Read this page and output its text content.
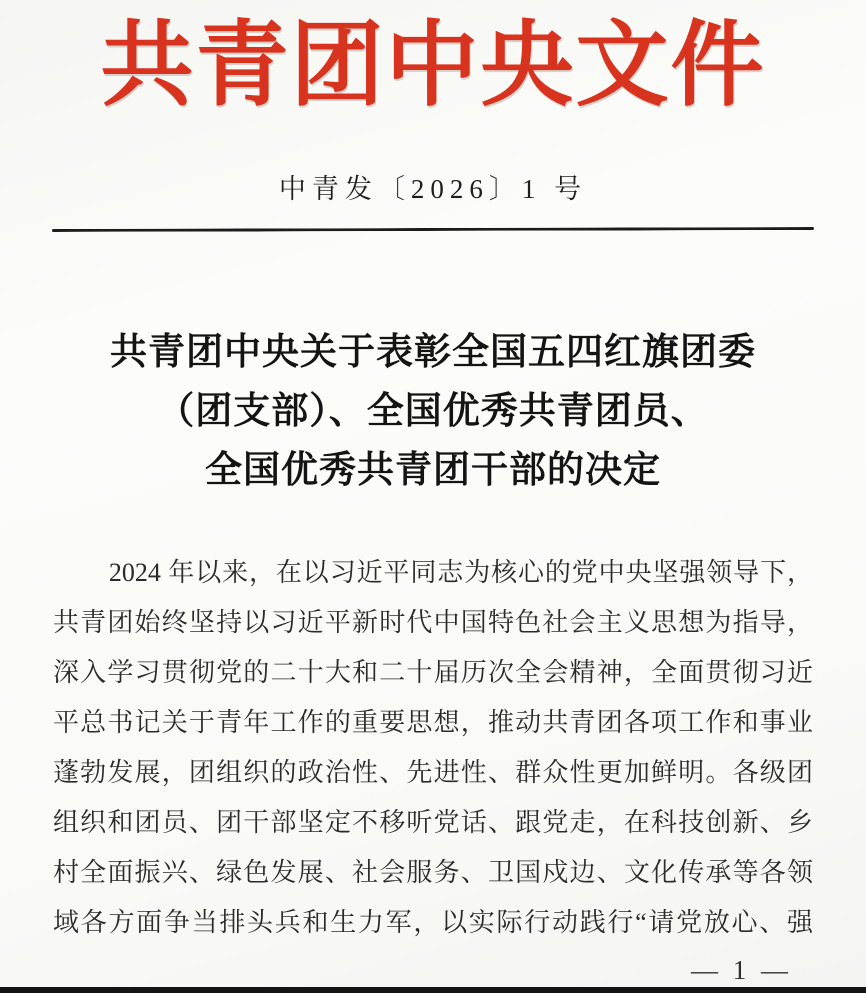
共青团中央文件
中青发〔2026〕1 号
共青团中央关于表彰全国五四红旗团委
（团支部）、全国优秀共青团员、
全国优秀共青团干部的决定
2024 年以来，在以习近平同志为核心的党中央坚强领导下，
共青团始终坚持以习近平新时代中国特色社会主义思想为指导，
深入学习贯彻党的二十大和二十届历次全会精神，全面贯彻习近
平总书记关于青年工作的重要思想，推动共青团各项工作和事业
蓬勃发展，团组织的政治性、先进性、群众性更加鲜明。各级团
组织和团员、团干部坚定不移听党话、跟党走，在科技创新、乡
村全面振兴、绿色发展、社会服务、卫国戍边、文化传承等各领
域各方面争当排头兵和生力军，以实际行动践行“请党放心、强
— 1 —
